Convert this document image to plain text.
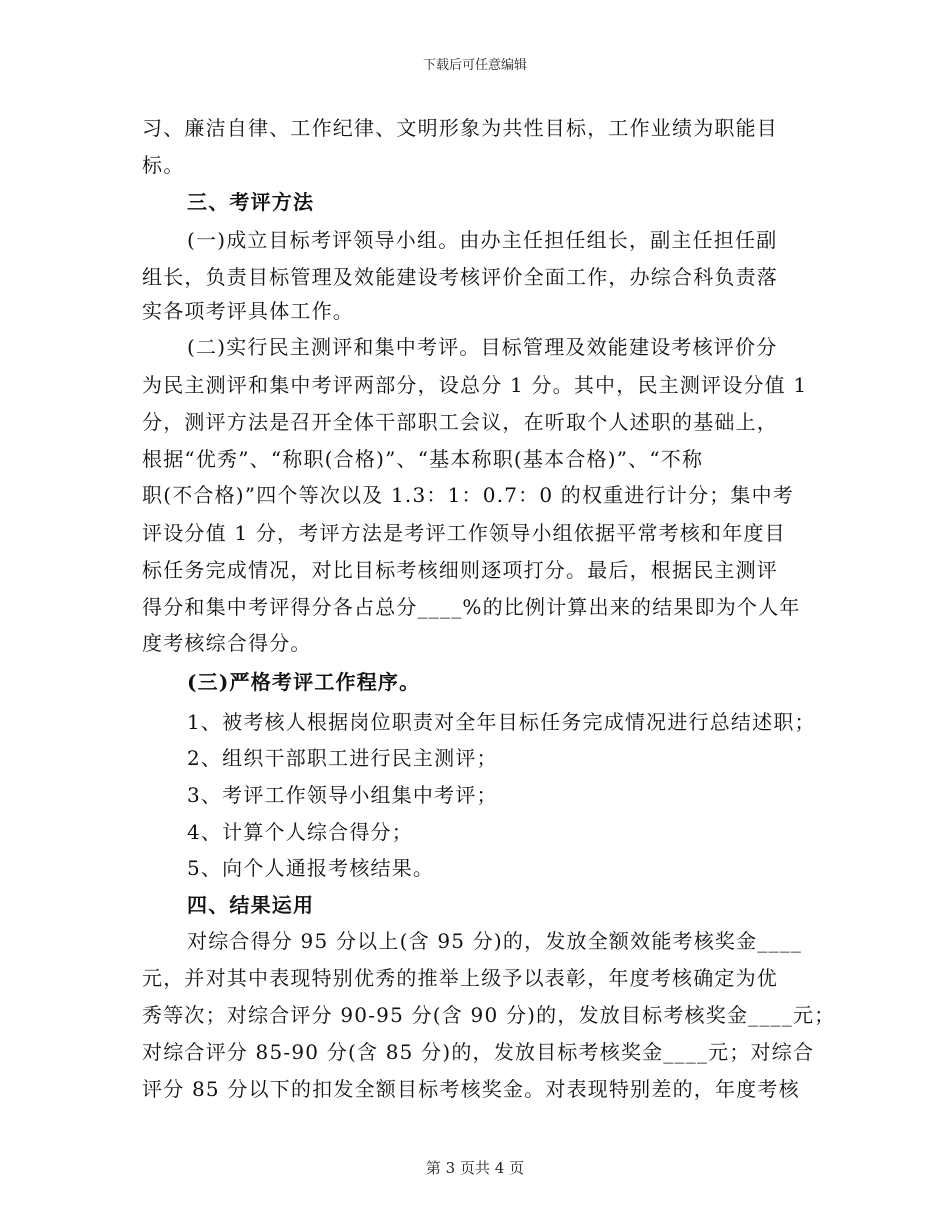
下载后可任意编辑
习、廉洁自律、工作纪律、文明形象为共性目标，工作业绩为职能目
标。
三、考评方法
(一)成立目标考评领导小组。由办主任担任组长，副主任担任副
组长，负责目标管理及效能建设考核评价全面工作，办综合科负责落
实各项考评具体工作。
(二)实行民主测评和集中考评。目标管理及效能建设考核评价分
为民主测评和集中考评两部分，设总分 1 分。其中，民主测评设分值 1
分，测评方法是召开全体干部职工会议，在听取个人述职的基础上，
根据“优秀”、“称职(合格)”、“基本称职(基本合格)”、“不称
职(不合格)”四个等次以及 1.3：1：0.7：0 的权重进行计分；集中考
评设分值 1 分，考评方法是考评工作领导小组依据平常考核和年度目
标任务完成情况，对比目标考核细则逐项打分。最后，根据民主测评
得分和集中考评得分各占总分____%的比例计算出来的结果即为个人年
度考核综合得分。
(三)严格考评工作程序。
1、被考核人根据岗位职责对全年目标任务完成情况进行总结述职；
2、组织干部职工进行民主测评；
3、考评工作领导小组集中考评；
4、计算个人综合得分；
5、向个人通报考核结果。
四、结果运用
对综合得分 95 分以上(含 95 分)的，发放全额效能考核奖金____
元，并对其中表现特别优秀的推举上级予以表彰，年度考核确定为优
秀等次；对综合评分 90-95 分(含 90 分)的，发放目标考核奖金____元；
对综合评分 85-90 分(含 85 分)的，发放目标考核奖金____元；对综合
评分 85 分以下的扣发全额目标考核奖金。对表现特别差的，年度考核
第 3 页共 4 页
